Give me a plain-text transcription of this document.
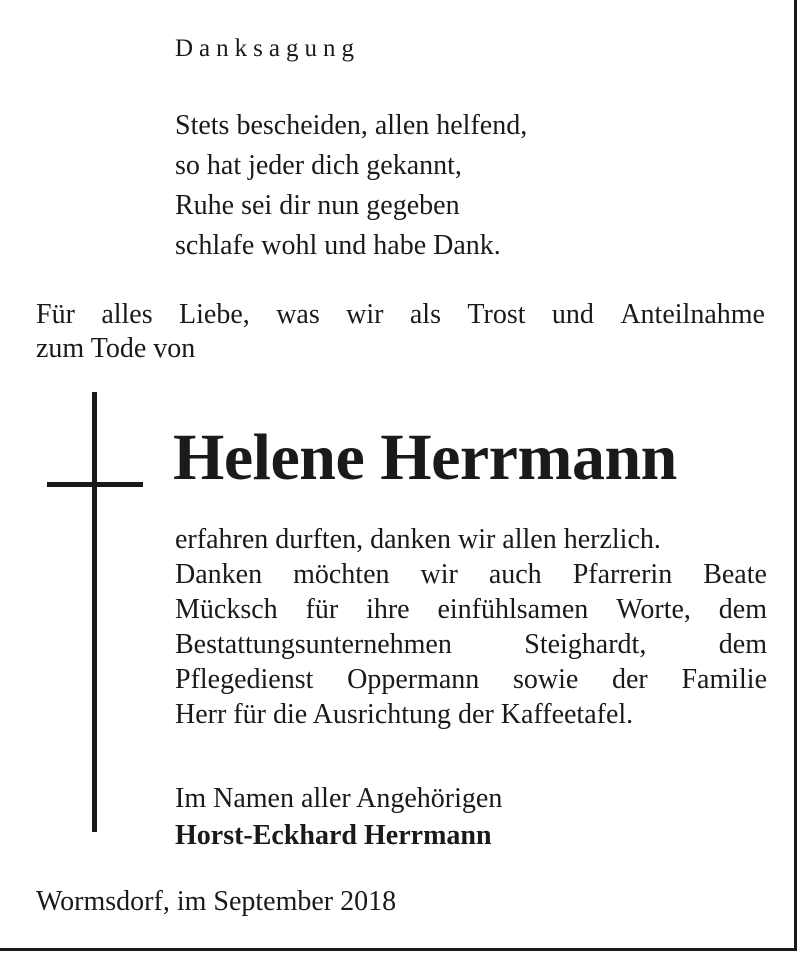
Danksagung
Stets bescheiden, allen helfend,
so hat jeder dich gekannt,
Ruhe sei dir nun gegeben
schlafe wohl und habe Dank.
Für alles Liebe, was wir als Trost und Anteilnahme
zum Tode von
Helene Herrmann
erfahren durften, danken wir allen herzlich.
Danken möchten wir auch Pfarrerin Beate
Mücksch für ihre einfühlsamen Worte, dem
Bestattungsunternehmen	Steighardt,	dem
Pflegedienst Oppermann sowie der Familie
Herr für die Ausrichtung der Kaffeetafel.
Im Namen aller Angehörigen
Horst-Eckhard Herrmann
Wormsdorf, im September 2018
